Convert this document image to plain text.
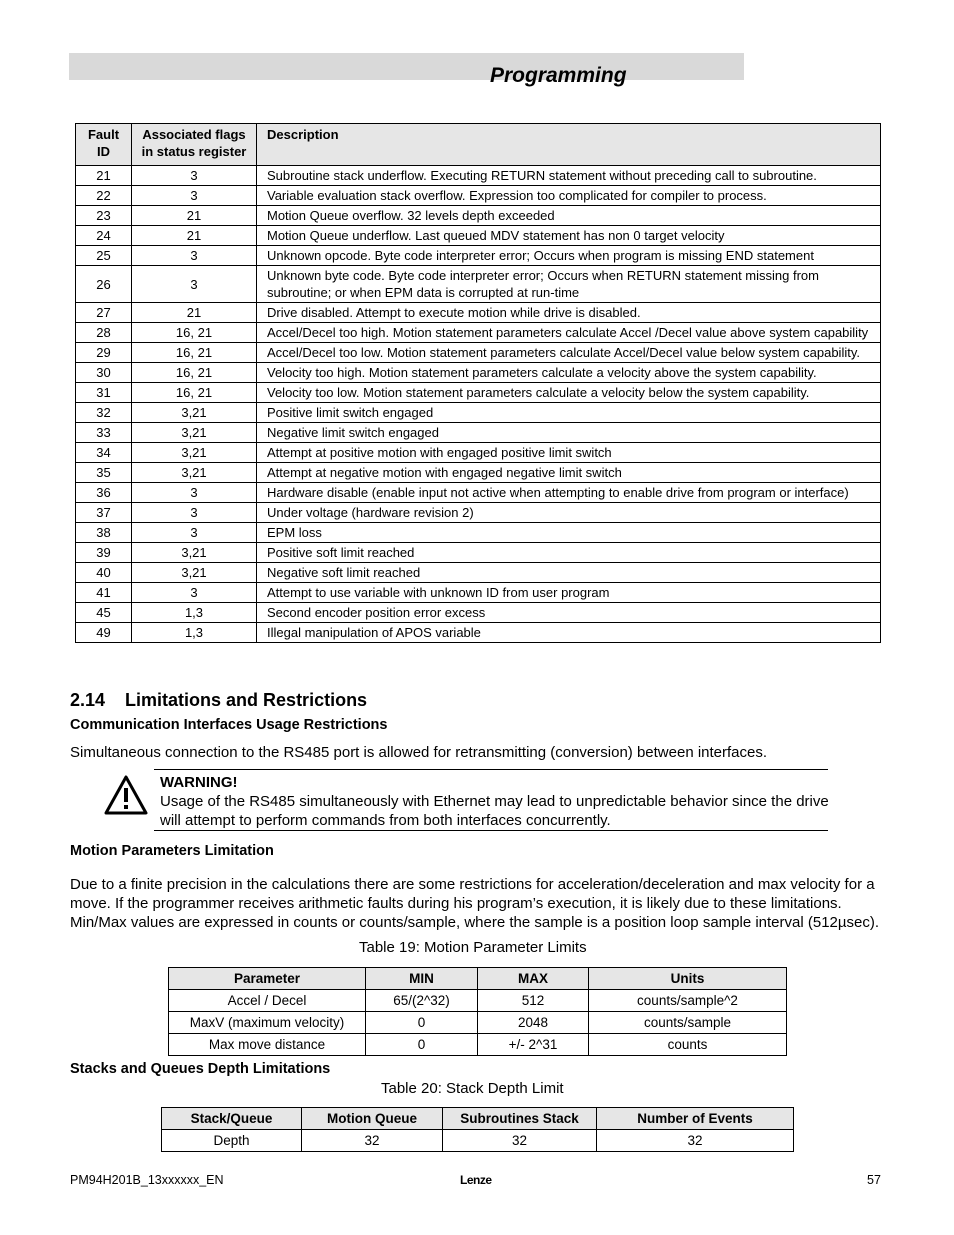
Programming
Fault ID	Associated flags in status register	Description
21	3	Subroutine stack underflow. Executing RETURN statement without preceding call to subroutine.
22	3	Variable evaluation stack overflow. Expression too complicated for compiler to process.
23	21	Motion Queue overflow. 32 levels depth exceeded
24	21	Motion Queue underflow. Last queued MDV statement has non 0 target velocity
25	3	Unknown opcode. Byte code interpreter error; Occurs when program is missing END statement
26	3	Unknown byte code. Byte code interpreter error; Occurs when RETURN statement missing from subroutine; or when EPM data is corrupted at run-time
27	21	Drive disabled. Attempt to execute motion while drive is disabled.
28	16, 21	Accel/Decel too high. Motion statement parameters calculate Accel /Decel value above system capability
29	16, 21	Accel/Decel too low. Motion statement parameters calculate Accel/Decel value below system capability.
30	16, 21	Velocity too high. Motion statement parameters calculate a velocity above the system capability.
31	16, 21	Velocity too low. Motion statement parameters calculate a velocity below the system capability.
32	3,21	Positive limit switch engaged
33	3,21	Negative limit switch engaged
34	3,21	Attempt at positive motion with engaged positive limit switch
35	3,21	Attempt at negative motion with engaged negative limit switch
36	3	Hardware disable (enable input not active when attempting to enable drive from program or interface)
37	3	Under voltage (hardware revision 2)
38	3	EPM loss
39	3,21	Positive soft limit reached
40	3,21	Negative soft limit reached
41	3	Attempt to use variable with unknown ID from user program
45	1,3	Second encoder position error excess
49	1,3	Illegal manipulation of APOS variable
2.14    Limitations and Restrictions
Communication Interfaces Usage Restrictions
Simultaneous connection to the RS485 port is allowed for retransmitting (conversion) between interfaces.
WARNING!
Usage of the RS485 simultaneously with Ethernet may lead to unpredictable behavior since the drive will attempt to perform commands from both interfaces concurrently.
Motion Parameters Limitation
Due to a finite precision in the calculations there are some restrictions for acceleration/deceleration and max velocity for a move. If the programmer receives arithmetic faults during his program’s execution, it is likely due to these limitations. Min/Max values are expressed in counts or counts/sample, where the sample is a position loop sample interval (512µsec).
Table 19: Motion Parameter Limits
Parameter	MIN	MAX	Units
Accel / Decel	65/(2^32)	512	counts/sample^2
MaxV (maximum velocity)	0	2048	counts/sample
Max move distance	0	+/- 2^31	counts
Stacks and Queues Depth Limitations
Table 20: Stack Depth Limit
Stack/Queue	Motion Queue	Subroutines Stack	Number of Events
Depth	32	32	32
PM94H201B_13xxxxxx_EN	Lenze	57
